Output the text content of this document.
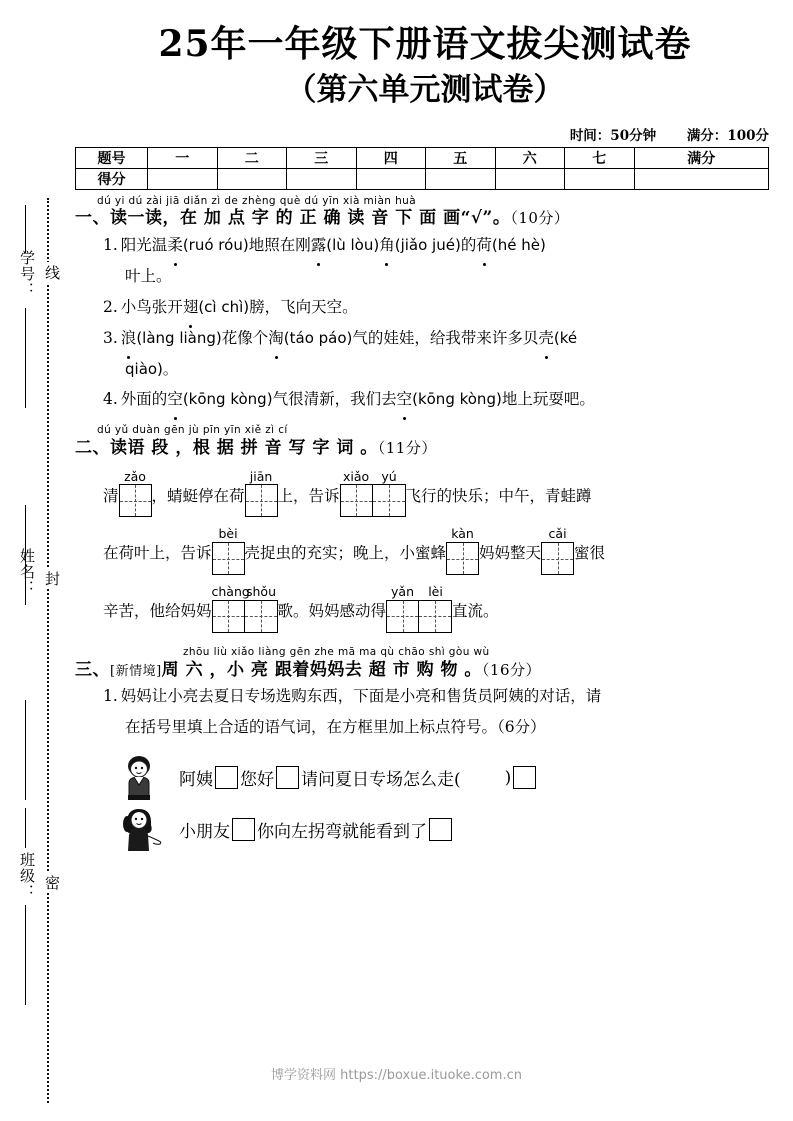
学号：
姓名：
班级：
线
封
密
25年一年级下册语文拔尖测试卷
（第六单元测试卷）
时间：50分钟 满分：100分
题号	一	二	三	四	五	六	七	满分
得分								
dú yi dú zài jiā diǎn zì de zhèng què dú yīn xià miàn huà
一、读一读，在 加 点 字 的 正 确 读 音 下 面 画“√”。（10分）
1. 阳光温柔(ruó róu)地照在刚露(lù lòu)角(jiǎo jué)的荷(hé hè)
叶上。
2. 小鸟张开翅(cì chì)膀，飞向天空。
3. 浪(làng liàng)花像个淘(táo páo)气的娃娃，给我带来许多贝壳(ké
qiào)。
4. 外面的空(kōng kòng)气很清新，我们去空(kōng kòng)地上玩耍吧。
dú yǔ duàn gēn jù pīn yīn xiě zì cí
二、读语 段 ，根 据 拼 音 写 字 词 。（11分）
清
zǎo
，蜻蜓停在荷
jiān
上，告诉
xiǎo yú
飞行的快乐；中午，青蛙蹲
在荷叶上，告诉
bèi
壳捉虫的充实；晚上，小蜜蜂
kàn
妈妈整天
cǎi
蜜很
辛苦，他给妈妈
chàng
shǒu
歌。妈妈感动得
yǎn	lèi
直流。
zhōu liù xiǎo liàng gēn zhe mā ma qù chāo shì gòu wù
三、[新情境]周 六 ，小 亮 跟着妈妈去 超 市 购 物 。（16分）
1. 妈妈让小亮去夏日专场选购东西，下面是小亮和售货员阿姨的对话，请
在括号里填上合适的语气词，在方框里加上标点符号。（6分）
阿姨 您好 请问夏日专场怎么走(	)
小朋友 你向左拐弯就能看到了
博学资料网 https://boxue.ituoke.com.cn
